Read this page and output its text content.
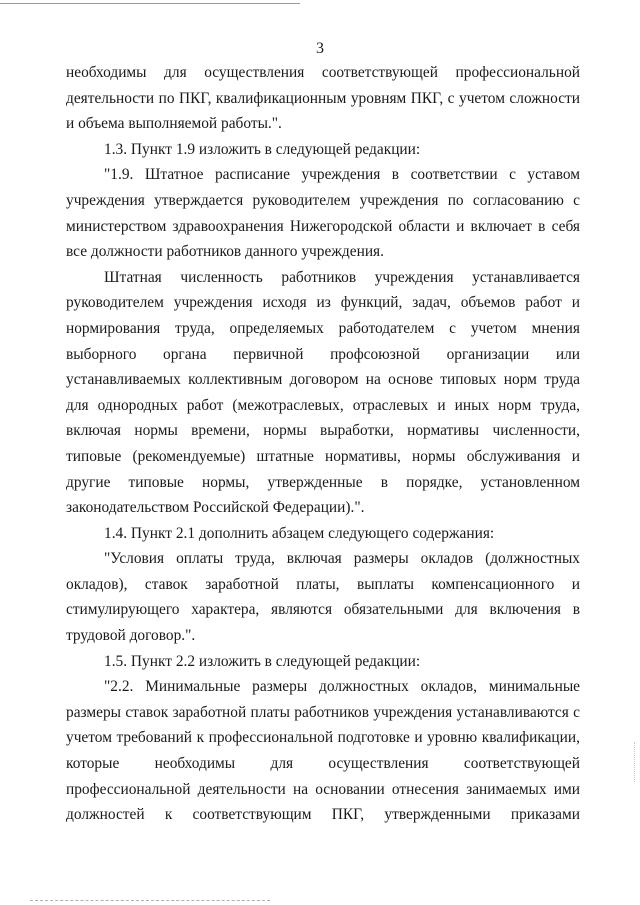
3

необходимы для осуществления соответствующей профессиональной деятельности по ПКГ, квалификационным уровням ПКГ, с учетом сложности и объема выполняемой работы.".

1.3. Пункт 1.9 изложить в следующей редакции:

"1.9. Штатное расписание учреждения в соответствии с уставом учреждения утверждается руководителем учреждения по согласованию с министерством здравоохранения Нижегородской области и включает в себя все должности работников данного учреждения.

Штатная численность работников учреждения устанавливается руководителем учреждения исходя из функций, задач, объемов работ и нормирования труда, определяемых работодателем с учетом мнения выборного органа первичной профсоюзной организации или устанавливаемых коллективным договором на основе типовых норм труда для однородных работ (межотраслевых, отраслевых и иных норм труда, включая нормы времени, нормы выработки, нормативы численности, типовые (рекомендуемые) штатные нормативы, нормы обслуживания и другие типовые нормы, утвержденные в порядке, установленном законодательством Российской Федерации).".

1.4. Пункт 2.1 дополнить абзацем следующего содержания:

"Условия оплаты труда, включая размеры окладов (должностных окладов), ставок заработной платы, выплаты компенсационного и стимулирующего характера, являются обязательными для включения в трудовой договор.".

1.5. Пункт 2.2 изложить в следующей редакции:

"2.2. Минимальные размеры должностных окладов, минимальные размеры ставок заработной платы работников учреждения устанавливаются с учетом требований к профессиональной подготовке и уровню квалификации, которые необходимы для осуществления соответствующей профессиональной деятельности на основании отнесения занимаемых ими должностей к соответствующим ПКГ, утвержденными приказами
